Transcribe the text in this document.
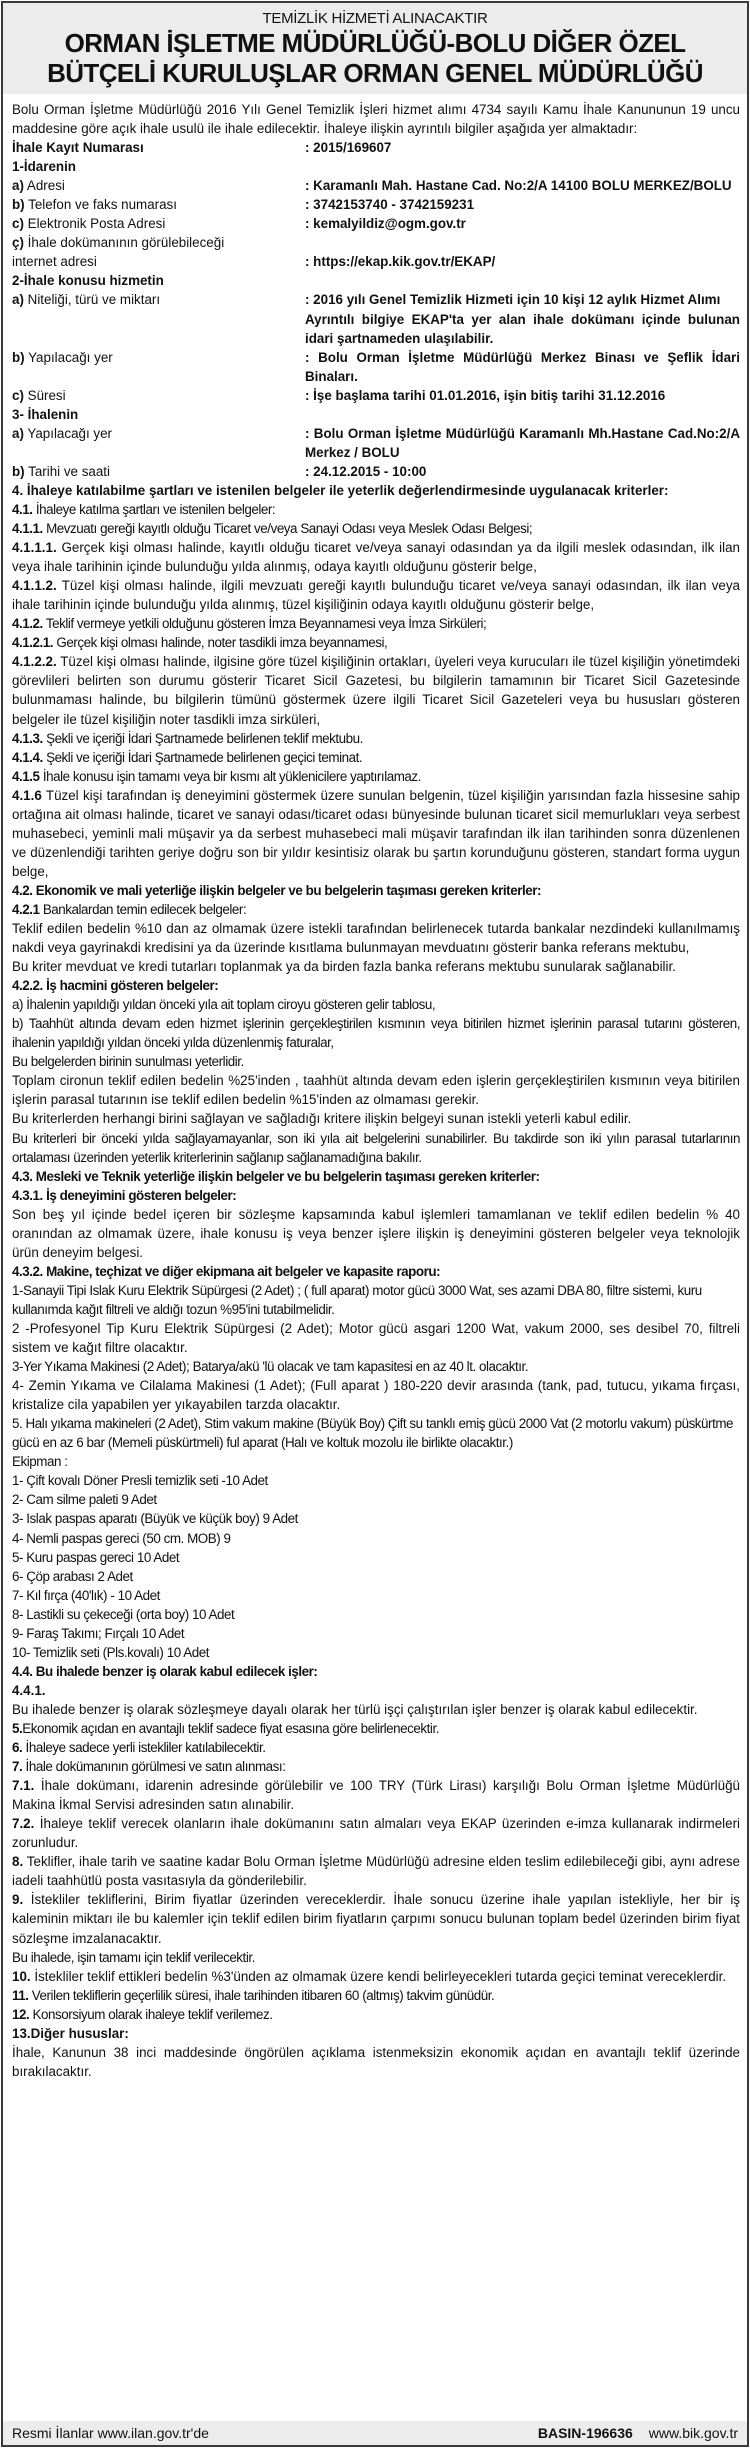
TEMİZLİK HİZMETİ ALINACAKTIR
ORMAN İŞLETME MÜDÜRLÜĞÜ-BOLU DİĞER ÖZEL
BÜTÇELİ KURULUŞLAR ORMAN GENEL MÜDÜRLÜĞÜ

Bolu Orman İşletme Müdürlüğü 2016 Yılı Genel Temizlik İşleri hizmet alımı 4734 sayılı Kamu İhale Kanununun 19 uncu maddesine göre açık ihale usulü ile ihale edilecektir. İhaleye ilişkin ayrıntılı bilgiler aşağıda yer almaktadır:

İhale Kayıt Numarası	: 2015/169607

1-İdarenin

a) Adresi	: Karamanlı Mah. Hastane Cad. No:2/A 14100 BOLU MERKEZ/BOLU
b) Telefon ve faks numarası	: 3742153740 - 3742159231
c) Elektronik Posta Adresi	: kemalyildiz@ogm.gov.tr
ç) İhale dokümanının görülebileceği internet adresi	: https://ekap.kik.gov.tr/EKAP/

2-İhale konusu hizmetin

a) Niteliği, türü ve miktarı	: 2016 yılı Genel Temizlik Hizmeti için 10 kişi 12 aylık Hizmet Alımı
Ayrıntılı bilgiye EKAP'ta yer alan ihale dokümanı içinde bulunan idari şartnameden ulaşılabilir.
b) Yapılacağı yer	: Bolu Orman İşletme Müdürlüğü Merkez Binası ve Şeflik İdari Binaları.
c) Süresi	: İşe başlama tarihi 01.01.2016, işin bitiş tarihi 31.12.2016

3- İhalenin

a) Yapılacağı yer	: Bolu Orman İşletme Müdürlüğü Karamanlı Mh.Hastane Cad.No:2/A Merkez / BOLU
b) Tarihi ve saati	: 24.12.2015 - 10:00

4. İhaleye katılabilme şartları ve istenilen belgeler ile yeterlik değerlendirmesinde uygulanacak kriterler:

4.1. İhaleye katılma şartları ve istenilen belgeler:

4.1.1. Mevzuatı gereği kayıtlı olduğu Ticaret ve/veya Sanayi Odası veya Meslek Odası Belgesi;

4.1.1.1. Gerçek kişi olması halinde, kayıtlı olduğu ticaret ve/veya sanayi odasından ya da ilgili meslek odasından, ilk ilan veya ihale tarihinin içinde bulunduğu yılda alınmış, odaya kayıtlı olduğunu gösterir belge,

4.1.1.2. Tüzel kişi olması halinde, ilgili mevzuatı gereği kayıtlı bulunduğu ticaret ve/veya sanayi odasından, ilk ilan veya ihale tarihinin içinde bulunduğu yılda alınmış, tüzel kişiliğinin odaya kayıtlı olduğunu gösterir belge,

4.1.2. Teklif vermeye yetkili olduğunu gösteren İmza Beyannamesi veya İmza Sirküleri;

4.1.2.1. Gerçek kişi olması halinde, noter tasdikli imza beyannamesi,

4.1.2.2. Tüzel kişi olması halinde, ilgisine göre tüzel kişiliğinin ortakları, üyeleri veya kurucuları ile tüzel kişiliğin yönetimdeki görevlileri belirten son durumu gösterir Ticaret Sicil Gazetesi, bu bilgilerin tamamının bir Ticaret Sicil Gazetesinde bulunmaması halinde, bu bilgilerin tümünü göstermek üzere ilgili Ticaret Sicil Gazeteleri veya bu hususları gösteren belgeler ile tüzel kişiliğin noter tasdikli imza sirküleri,

4.1.3. Şekli ve içeriği İdari Şartnamede belirlenen teklif mektubu.

4.1.4. Şekli ve içeriği İdari Şartnamede belirlenen geçici teminat.

4.1.5 İhale konusu işin tamamı veya bir kısmı alt yüklenicilere yaptırılamaz.

4.1.6 Tüzel kişi tarafından iş deneyimini göstermek üzere sunulan belgenin, tüzel kişiliğin yarısından fazla hissesine sahip ortağına ait olması halinde, ticaret ve sanayi odası/ticaret odası bünyesinde bulunan ticaret sicil memurlukları veya serbest muhasebeci, yeminli mali müşavir ya da serbest muhasebeci mali müşavir tarafından ilk ilan tarihinden sonra düzenlenen ve düzenlendiği tarihten geriye doğru son bir yıldır kesintisiz olarak bu şartın korunduğunu gösteren, standart forma uygun belge,

4.2. Ekonomik ve mali yeterliğe ilişkin belgeler ve bu belgelerin taşıması gereken kriterler:

4.2.1 Bankalardan temin edilecek belgeler:

Teklif edilen bedelin %10 dan az olmamak üzere istekli tarafından belirlenecek tutarda bankalar nezdindeki kullanılmamış nakdi veya gayrinakdi kredisini ya da üzerinde kısıtlama bulunmayan mevduatını gösterir banka referans mektubu,

Bu kriter mevduat ve kredi tutarları toplanmak ya da birden fazla banka referans mektubu sunularak sağlanabilir.

4.2.2. İş hacmini gösteren belgeler:

a) İhalenin yapıldığı yıldan önceki yıla ait toplam ciroyu gösteren gelir tablosu,

b) Taahhüt altında devam eden hizmet işlerinin gerçekleştirilen kısmının veya bitirilen hizmet işlerinin parasal tutarını gösteren, ihalenin yapıldığı yıldan önceki yılda düzenlenmiş faturalar,

Bu belgelerden birinin sunulması yeterlidir.

Toplam cironun teklif edilen bedelin %25'inden , taahhüt altında devam eden işlerin gerçekleştirilen kısmının veya bitirilen işlerin parasal tutarının ise teklif edilen bedelin %15'inden az olmaması gerekir.

Bu kriterlerden herhangi birini sağlayan ve sağladığı kritere ilişkin belgeyi sunan istekli yeterli kabul edilir.

Bu kriterleri bir önceki yılda sağlayamayanlar, son iki yıla ait belgelerini sunabilirler. Bu takdirde son iki yılın parasal tutarlarının ortalaması üzerinden yeterlik kriterlerinin sağlanıp sağlanamadığına bakılır.

4.3. Mesleki ve Teknik yeterliğe ilişkin belgeler ve bu belgelerin taşıması gereken kriterler:

4.3.1. İş deneyimini gösteren belgeler:

Son beş yıl içinde bedel içeren bir sözleşme kapsamında kabul işlemleri tamamlanan ve teklif edilen bedelin % 40 oranından az olmamak üzere, ihale konusu iş veya benzer işlere ilişkin iş deneyimini gösteren belgeler veya teknolojik ürün deneyim belgesi.

4.3.2. Makine, teçhizat ve diğer ekipmana ait belgeler ve kapasite raporu:

1-Sanayii Tipi Islak Kuru Elektrik Süpürgesi (2 Adet) ; ( full aparat) motor gücü 3000 Wat, ses azami DBA 80, filtre sistemi, kuru kullanımda kağıt filtreli ve aldığı tozun %95'ini tutabilmelidir.

2 -Profesyonel Tip Kuru Elektrik Süpürgesi (2 Adet); Motor gücü asgari 1200 Wat, vakum 2000, ses desibel 70, filtreli sistem ve kağıt filtre olacaktır.

3-Yer Yıkama Makinesi (2 Adet); Batarya/akü 'lü olacak ve tam kapasitesi en az 40 lt. olacaktır.

4- Zemin Yıkama ve Cilalama Makinesi (1 Adet); (Full aparat ) 180-220 devir arasında (tank, pad, tutucu, yıkama fırçası, kristalize cila yapabilen yer yıkayabilen tarzda olacaktır.

5. Halı yıkama makineleri (2 Adet), Stim vakum makine (Büyük Boy) Çift su tanklı emiş gücü 2000 Vat (2 motorlu vakum) püskürtme gücü en az 6 bar (Memeli püskürtmeli) ful aparat (Halı ve koltuk mozolu ile birlikte olacaktır.)

Ekipman :

1- Çift kovalı Döner Presli temizlik seti -10 Adet

2- Cam silme paleti 9 Adet

3- Islak paspas aparatı (Büyük ve küçük boy) 9 Adet

4- Nemli paspas gereci (50 cm. MOB) 9

5- Kuru paspas gereci 10 Adet

6- Çöp arabası 2 Adet

7- Kıl fırça (40'lık) - 10 Adet

8- Lastikli su çekeceği (orta boy) 10 Adet

9- Faraş Takımı; Fırçalı 10 Adet

10- Temizlik seti (Pls.kovalı) 10 Adet

4.4. Bu ihalede benzer iş olarak kabul edilecek işler:

4.4.1.

Bu ihalede benzer iş olarak sözleşmeye dayalı olarak her türlü işçi çalıştırılan işler benzer iş olarak kabul edilecektir.

5.Ekonomik açıdan en avantajlı teklif sadece fiyat esasına göre belirlenecektir.

6. İhaleye sadece yerli istekliler katılabilecektir.

7. İhale dokümanının görülmesi ve satın alınması:

7.1. İhale dokümanı, idarenin adresinde görülebilir ve 100 TRY (Türk Lirası) karşılığı Bolu Orman İşletme Müdürlüğü Makina İkmal Servisi adresinden satın alınabilir.

7.2. İhaleye teklif verecek olanların ihale dokümanını satın almaları veya EKAP üzerinden e-imza kullanarak indirmeleri zorunludur.

8. Teklifler, ihale tarih ve saatine kadar Bolu Orman İşletme Müdürlüğü adresine elden teslim edilebileceği gibi, aynı adrese iadeli taahhütlü posta vasıtasıyla da gönderilebilir.

9. İstekliler tekliflerini, Birim fiyatlar üzerinden vereceklerdir. İhale sonucu üzerine ihale yapılan istekliyle, her bir iş kaleminin miktarı ile bu kalemler için teklif edilen birim fiyatların çarpımı sonucu bulunan toplam bedel üzerinden birim fiyat sözleşme imzalanacaktır.

Bu ihalede, işin tamamı için teklif verilecektir.

10. İstekliler teklif ettikleri bedelin %3'ünden az olmamak üzere kendi belirleyecekleri tutarda geçici teminat vereceklerdir.

11. Verilen tekliflerin geçerlilik süresi, ihale tarihinden itibaren 60 (altmış) takvim günüdür.

12. Konsorsiyum olarak ihaleye teklif verilemez.

13.Diğer hususlar:

İhale, Kanunun 38 inci maddesinde öngörülen açıklama istenmeksizin ekonomik açıdan en avantajlı teklif üzerinde bırakılacaktır.

Resmi İlanlar www.ilan.gov.tr'de	BASIN-196636 www.bik.gov.tr
